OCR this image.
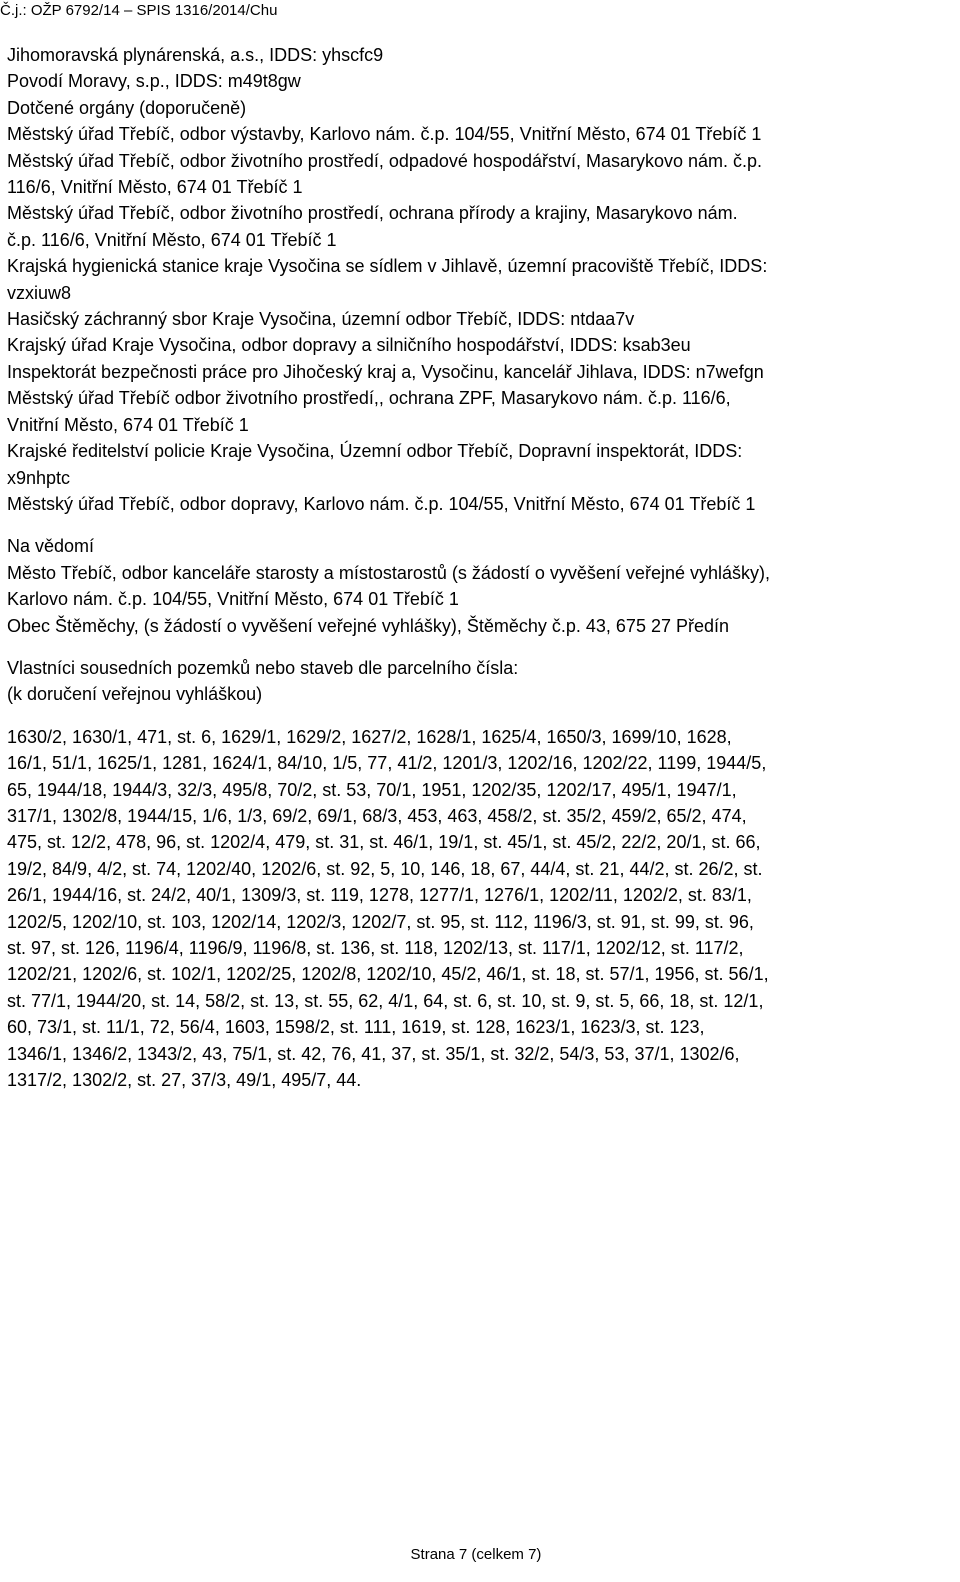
Č.j.: OŽP 6792/14 – SPIS 1316/2014/Chu
Jihomoravská plynárenská, a.s., IDDS: yhscfc9
Povodí Moravy, s.p., IDDS: m49t8gw
Dotčené orgány (doporučeně)
Městský úřad Třebíč, odbor výstavby, Karlovo nám. č.p. 104/55, Vnitřní Město, 674 01 Třebíč 1
Městský úřad Třebíč, odbor životního prostředí, odpadové hospodářství, Masarykovo nám. č.p.
116/6, Vnitřní Město, 674 01 Třebíč 1
Městský úřad Třebíč, odbor životního prostředí, ochrana přírody a krajiny, Masarykovo nám.
č.p. 116/6, Vnitřní Město, 674 01 Třebíč 1
Krajská hygienická stanice kraje Vysočina se sídlem v Jihlavě, územní pracoviště Třebíč, IDDS:
vzxiuw8
Hasičský záchranný sbor Kraje Vysočina, územní odbor Třebíč, IDDS: ntdaa7v
Krajský úřad Kraje Vysočina, odbor dopravy a silničního hospodářství, IDDS: ksab3eu
Inspektorát bezpečnosti práce pro Jihočeský kraj a, Vysočinu, kancelář Jihlava, IDDS: n7wefgn
Městský úřad Třebíč odbor životního prostředí,, ochrana ZPF, Masarykovo nám. č.p. 116/6,
Vnitřní Město, 674 01 Třebíč 1
Krajské ředitelství policie Kraje Vysočina, Územní odbor Třebíč, Dopravní inspektorát, IDDS:
x9nhptc
Městský úřad Třebíč, odbor dopravy, Karlovo nám. č.p. 104/55, Vnitřní Město, 674 01 Třebíč 1
Na vědomí
Město Třebíč, odbor kanceláře starosty a místostarostů (s žádostí o vyvěšení veřejné vyhlášky),
Karlovo nám. č.p. 104/55, Vnitřní Město, 674 01 Třebíč 1
Obec Štěměchy, (s žádostí o vyvěšení veřejné vyhlášky), Štěměchy č.p. 43, 675 27 Předín
Vlastníci sousedních pozemků nebo staveb dle parcelního čísla:
(k doručení veřejnou vyhláškou)
1630/2, 1630/1, 471, st. 6, 1629/1, 1629/2, 1627/2, 1628/1, 1625/4, 1650/3, 1699/10, 1628,
16/1, 51/1, 1625/1, 1281, 1624/1, 84/10, 1/5, 77, 41/2, 1201/3, 1202/16, 1202/22, 1199, 1944/5,
65, 1944/18, 1944/3, 32/3, 495/8, 70/2, st. 53, 70/1, 1951, 1202/35, 1202/17, 495/1, 1947/1,
317/1, 1302/8, 1944/15, 1/6, 1/3, 69/2, 69/1, 68/3, 453, 463, 458/2, st. 35/2, 459/2, 65/2, 474,
475, st. 12/2, 478, 96, st. 1202/4, 479, st. 31, st. 46/1, 19/1, st. 45/1, st. 45/2, 22/2, 20/1, st. 66,
19/2, 84/9, 4/2, st. 74, 1202/40, 1202/6, st. 92, 5, 10, 146, 18, 67, 44/4, st. 21, 44/2, st. 26/2, st.
26/1, 1944/16, st. 24/2, 40/1, 1309/3, st. 119, 1278, 1277/1, 1276/1, 1202/11, 1202/2, st. 83/1,
1202/5, 1202/10, st. 103, 1202/14, 1202/3, 1202/7, st. 95, st. 112, 1196/3, st. 91, st. 99, st. 96,
st. 97, st. 126, 1196/4, 1196/9, 1196/8, st. 136, st. 118, 1202/13, st. 117/1, 1202/12, st. 117/2,
1202/21, 1202/6, st. 102/1, 1202/25, 1202/8, 1202/10, 45/2, 46/1, st. 18, st. 57/1, 1956, st. 56/1,
st. 77/1, 1944/20, st. 14, 58/2, st. 13, st. 55, 62, 4/1, 64, st. 6, st. 10, st. 9, st. 5, 66, 18, st. 12/1,
60, 73/1, st. 11/1, 72, 56/4, 1603, 1598/2, st. 111, 1619, st. 128, 1623/1, 1623/3, st. 123,
1346/1, 1346/2, 1343/2, 43, 75/1, st. 42, 76, 41, 37, st. 35/1, st. 32/2, 54/3, 53, 37/1, 1302/6,
1317/2, 1302/2, st. 27, 37/3, 49/1, 495/7, 44.
Strana 7 (celkem 7)
